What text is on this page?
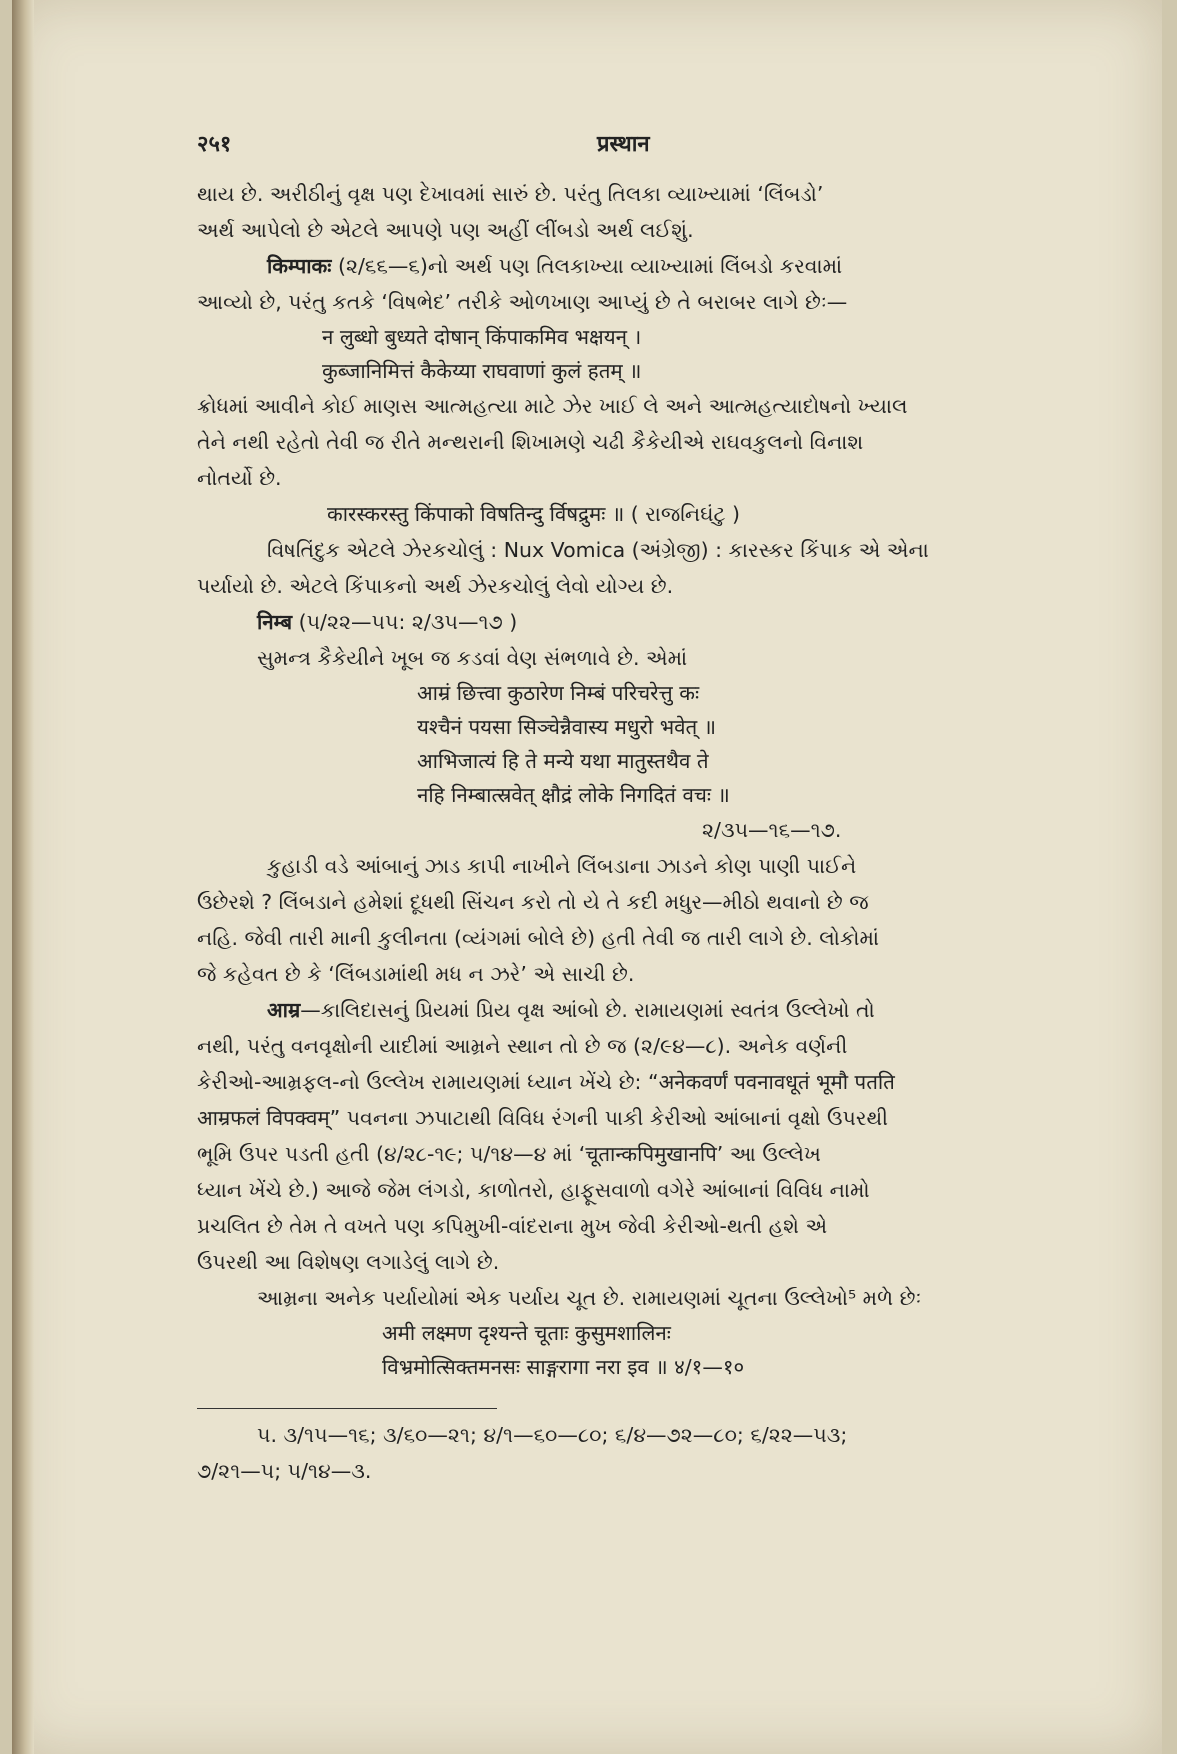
२५१	प्रस्थान

થાય છે. અરીઠીનું વૃક્ષ પણ દેખાવમાં સારું છે. પરંતુ તિલકા વ્યાખ્યામાં ‘લિંબડો’

અર્થ આપેલો છે એટલે આપણે પણ અહીં લીંબડો અર્થ લઈશું.

किम्पाकः (૨/૬૬—૬)નો અર્થ પણ તિલકાખ્યા વ્યાખ્યામાં લિંબડો કરવામાં

આવ્યો છે, પરંતુ કતકે ‘વિષભેદ’ તરીકે ઓળખાણ આપ્યું છે તે બરાબર લાગે છેઃ—

न लुब्धो बुध्यते दोषान् किंपाकमिव भक्षयन् ।

कुब्जानिमित्तं कैकेय्या राघवाणां कुलं हतम् ॥

ક્રોધમાં આવીને કોઈ માણસ આત્મહત્યા માટે ઝેર ખાઈ લે અને આત્મહત્યાદોષનો ખ્યાલ

તેને નથી રહેતો તેવી જ રીતે મન્થરાની શિખામણે ચઢી કૈકેયીએ રાઘવકુલનો વિનાશ

નોતર્યો છે.

कारस्करस्तु किंपाको विषतिन्दु र्विषद्रुमः ॥ ( રાજનિઘંટુ )

વિષતિંદુક એટલે ઝેરકચોલું : Nux Vomica (અંગ્રેજી) : કારસ્કર કિંપાક એ એના

પર્યાયો છે. એટલે કિંપાકનો અર્થ ઝેરકચોલું લેવો યોગ્ય છે.

निम्ब (૫/૨૨—૫૫: ૨/૩૫—૧૭ )

સુમન્ત્ર કૈકેયીને ખૂબ જ કડવાં વેણ સંભળાવે છે. એમાં

आम्रं छित्त्वा कुठारेण निम्बं परिचरेत्तु कः

यश्चैनं पयसा सिञ्चेन्नैवास्य मधुरो भवेत् ॥

आभिजात्यं हि ते मन्ये यथा मातुस्तथैव ते

नहि निम्बात्स्रवेत् क्षौद्रं लोके निगदितं वचः ॥

૨/૩૫—૧૬—૧૭.

કુહાડી વડે આંબાનું ઝાડ કાપી નાખીને લિંબડાના ઝાડને કોણ પાણી પાઈને

ઉછેરશે ? લિંબડાને હમેશાં દૂધથી સિંચન કરો તો યે તે કદી મધુર—મીઠો થવાનો છે જ

નહિ. જેવી તારી માની કુલીનતા (વ્યંગમાં બોલે છે) હતી તેવી જ તારી લાગે છે. લોકોમાં

જે કહેવત છે કે ‘લિંબડામાંથી મધ ન ઝરે’ એ સાચી છે.

आम्र—કાલિદાસનું પ્રિયમાં પ્રિય વૃક્ષ આંબો છે. રામાયણમાં સ્વતંત્ર ઉલ્લેખો તો

નથી, પરંતુ વનવૃક્ષોની યાદીમાં આમ્રને સ્થાન તો છે જ (૨/૯૪—૮). અનેક વર્ણની

કેરીઓ-આમ્રફલ-નો ઉલ્લેખ રામાયણમાં ધ્યાન ખેંચે છે: “अनेकवर्णं पवनावधूतं भूमौ पतति

आम्रफलं विपक्वम्” પવનના ઝપાટાથી વિવિધ રંગની પાકી કેરીઓ આંબાનાં વૃક્ષો ઉપરથી

ભૂમિ ઉપર પડતી હતી (૪/૨૮-૧૯; ૫/૧૪—૪ માં ‘चूतान्कपिमुखानपि’ આ ઉલ્લેખ

ધ્યાન ખેંચે છે.) આજે જેમ લંગડો, કાળોતરો, હાફૂસવાળો વગેરે આંબાનાં વિવિધ નામો

પ્રચલિત છે તેમ તે વખતે પણ કપિમુખી-વાંદરાના મુખ જેવી કેરીઓ-થતી હશે એ

ઉપરથી આ વિશેષણ લગાડેલું લાગે છે.

આમ્રના અનેક પર્યાયોમાં એક પર્યાય ચૂત છે. રામાયણમાં ચૂતના ઉલ્લેખો⁵ મળે છેઃ

अमी लक्ष्मण दृश्यन्ते चूताः कुसुमशालिनः

विभ्रमोत्सिक्तमनसः साङ्गरागा नरा इव ॥ ४/१—१०

૫. ૩/૧૫—૧૬; ૩/૬૦—૨૧; ૪/૧—૬૦—૮૦; ૬/૪—૭૨—૮૦; ૬/૨૨—૫૩;

૭/૨૧—૫; ૫/૧૪—૩.
